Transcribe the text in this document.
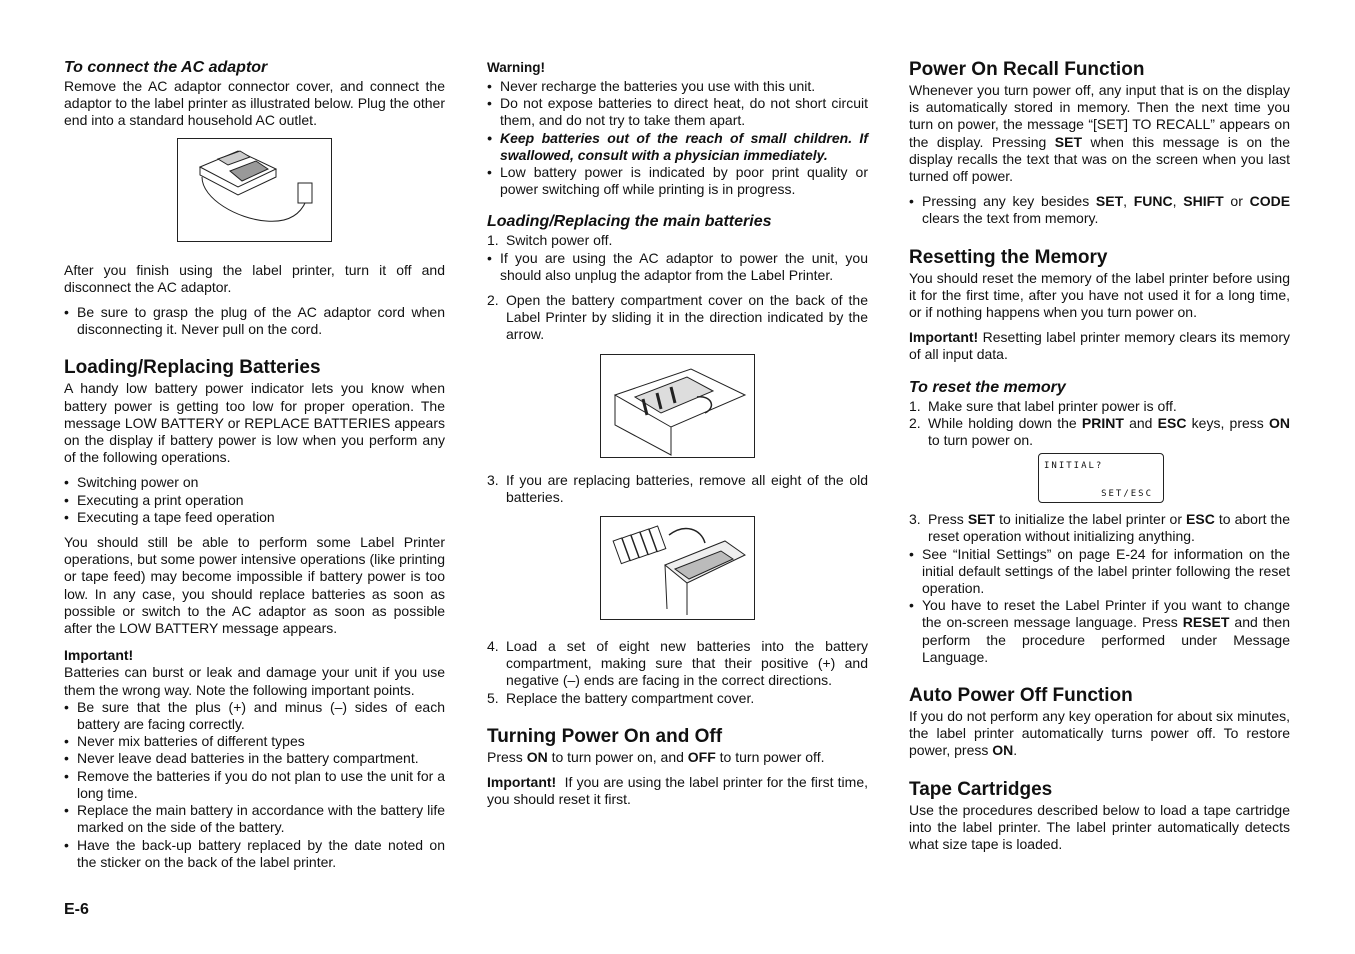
To connect the AC adaptor

Remove the AC adaptor connector cover, and connect the adaptor to the label printer as illustrated below. Plug the other end into a standard household AC outlet.

After you finish using the label printer, turn it off and disconnect the AC adaptor.

• Be sure to grasp the plug of the AC adaptor cord when disconnecting it. Never pull on the cord.
Loading/Replacing Batteries

A handy low battery power indicator lets you know when battery power is getting too low for proper operation. The message LOW BATTERY or REPLACE BATTERIES appears on the display if battery power is low when you perform any of the following operations.

• Switching power on
• Executing a print operation
• Executing a tape feed operation

You should still be able to perform some Label Printer operations, but some power intensive operations (like printing or tape feed) may become impossible if battery power is too low. In any case, you should replace batteries as soon as possible or switch to the AC adaptor as soon as possible after the LOW BATTERY message appears.

Important!

Batteries can burst or leak and damage your unit if you use them the wrong way. Note the following important points.

• Be sure that the plus (+) and minus (–) sides of each battery are facing correctly.
• Never mix batteries of different types
• Never leave dead batteries in the battery compartment.
• Remove the batteries if you do not plan to use the unit for a long time.
• Replace the main battery in accordance with the battery life marked on the side of the battery.
• Have the back-up battery replaced by the date noted on the sticker on the back of the label printer.
Warning!
• Never recharge the batteries you use with this unit.
• Do not expose batteries to direct heat, do not short circuit them, and do not try to take them apart.
• Keep batteries out of the reach of small children. If swallowed, consult with a physician immediately.
• Low battery power is indicated by poor print quality or power switching off while printing is in progress.
Loading/Replacing the main batteries
1. Switch power off.
• If you are using the AC adaptor to power the unit, you should also unplug the adaptor from the Label Printer.
2. Open the battery compartment cover on the back of the Label Printer by sliding it in the direction indicated by the arrow.
3. If you are replacing batteries, remove all eight of the old batteries.
4. Load a set of eight new batteries into the battery compartment, making sure that their positive (+) and negative (–) ends are facing in the correct directions.
5. Replace the battery compartment cover.
Turning Power On and Off

Press ON to turn power on, and OFF to turn power off.

Important! If you are using the label printer for the first time, you should reset it first.

Power On Recall Function

Whenever you turn power off, any input that is on the display is automatically stored in memory. Then the next time you turn on power, the message “[SET] TO RECALL” appears on the display. Pressing SET when this message is on the display recalls the text that was on the screen when you last turned off power.

• Pressing any key besides SET, FUNC, SHIFT or CODE clears the text from memory.
Resetting the Memory

You should reset the memory of the label printer before using it for the first time, after you have not used it for a long time, or if nothing happens when you turn power on.

Important! Resetting label printer memory clears its memory of all input data.

To reset the memory
1. Make sure that label printer power is off.
2. While holding down the PRINT and ESC keys, press ON to turn power on.
INITIAL?
SET/ESC
3. Press SET to initialize the label printer or ESC to abort the reset operation without initializing anything.
• See “Initial Settings” on page E-24 for information on the initial default settings of the label printer following the reset operation.
• You have to reset the Label Printer if you want to change the on-screen message language. Press RESET and then perform the procedure performed under Message Language.
Auto Power Off Function

If you do not perform any key operation for about six minutes, the label printer automatically turns power off. To restore power, press ON.

Tape Cartridges

Use the procedures described below to load a tape cartridge into the label printer. The label printer automatically detects what size tape is loaded.

E-6
